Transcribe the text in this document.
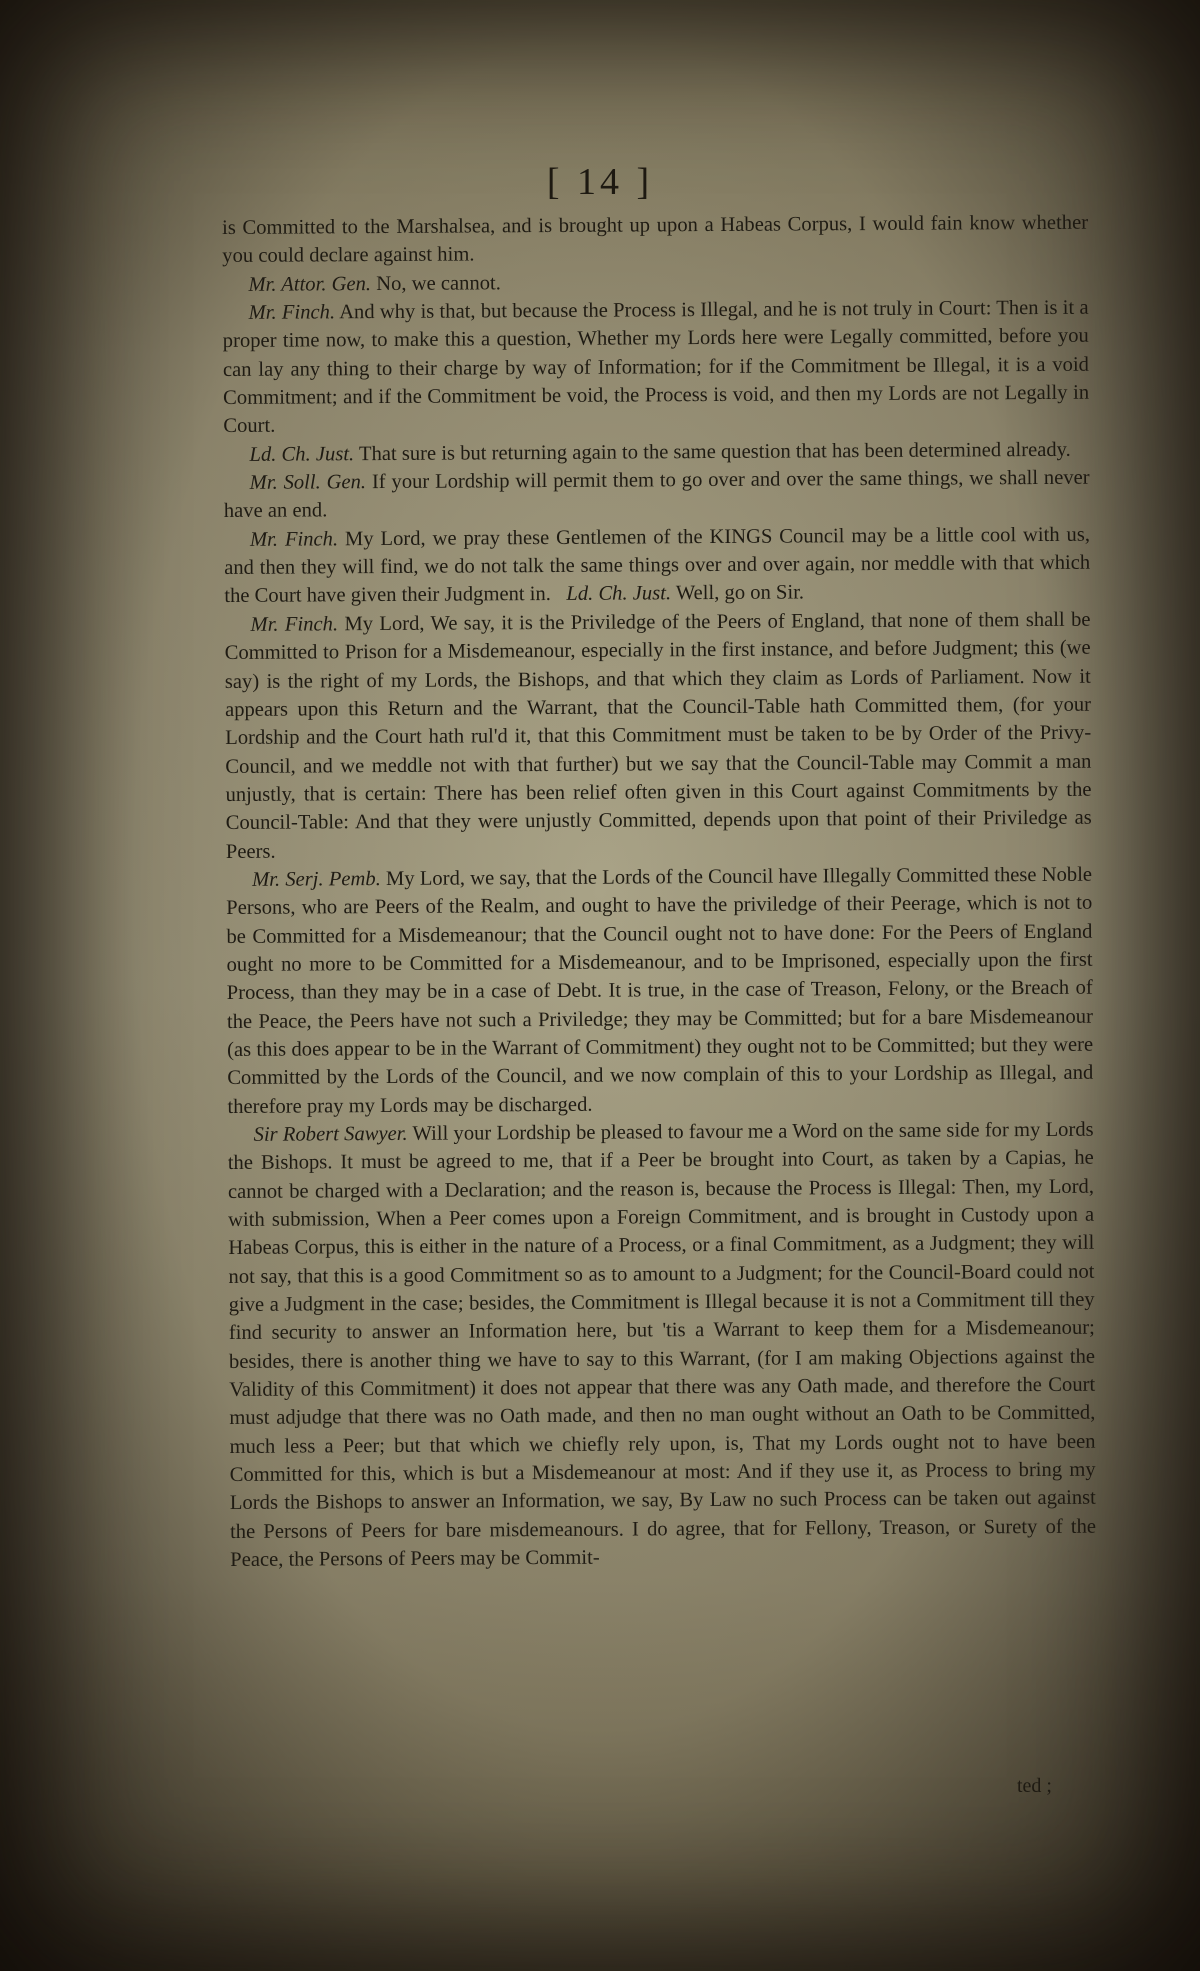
[ 14 ]

is Committed to the Marshalsea, and is brought up upon a Habeas Corpus, I would fain know whether you could declare against him.

Mr. Attor. Gen. No, we cannot.

Mr. Finch. And why is that, but because the Process is Illegal, and he is not truly in Court: Then is it a proper time now, to make this a question, Whether my Lords here were Legally committed, before you can lay any thing to their charge by way of Information; for if the Commitment be Illegal, it is a void Commitment; and if the Commitment be void, the Process is void, and then my Lords are not Legally in Court.

Ld. Ch. Just. That sure is but returning again to the same question that has been determined already.

Mr. Soll. Gen. If your Lordship will permit them to go over and over the same things, we shall never have an end.

Mr. Finch. My Lord, we pray these Gentlemen of the KINGS Council may be a little cool with us, and then they will find, we do not talk the same things over and over again, nor meddle with that which the Court have given their Judgment in. Ld. Ch. Just. Well, go on Sir.

Mr. Finch. My Lord, We say, it is the Priviledge of the Peers of England, that none of them shall be Committed to Prison for a Misdemeanour, especially in the first instance, and before Judgment; this (we say) is the right of my Lords, the Bishops, and that which they claim as Lords of Parliament. Now it appears upon this Return and the Warrant, that the Council-Table hath Committed them, (for your Lordship and the Court hath rul'd it, that this Commitment must be taken to be by Order of the Privy-Council, and we meddle not with that further) but we say that the Council-Table may Commit a man unjustly, that is certain: There has been relief often given in this Court against Commitments by the Council-Table: And that they were unjustly Committed, depends upon that point of their Priviledge as Peers.

Mr. Serj. Pemb. My Lord, we say, that the Lords of the Council have Illegally Committed these Noble Persons, who are Peers of the Realm, and ought to have the priviledge of their Peerage, which is not to be Committed for a Misdemeanour; that the Council ought not to have done: For the Peers of England ought no more to be Committed for a Misdemeanour, and to be Imprisoned, especially upon the first Process, than they may be in a case of Debt. It is true, in the case of Treason, Felony, or the Breach of the Peace, the Peers have not such a Priviledge; they may be Committed; but for a bare Misdemeanour (as this does appear to be in the Warrant of Commitment) they ought not to be Committed; but they were Committed by the Lords of the Council, and we now complain of this to your Lordship as Illegal, and therefore pray my Lords may be discharged.

Sir Robert Sawyer. Will your Lordship be pleased to favour me a Word on the same side for my Lords the Bishops. It must be agreed to me, that if a Peer be brought into Court, as taken by a Capias, he cannot be charged with a Declaration; and the reason is, because the Process is Illegal: Then, my Lord, with submission, When a Peer comes upon a Foreign Commitment, and is brought in Custody upon a Habeas Corpus, this is either in the nature of a Process, or a final Commitment, as a Judgment; they will not say, that this is a good Commitment so as to amount to a Judgment; for the Council-Board could not give a Judgment in the case; besides, the Commitment is Illegal because it is not a Commitment till they find security to answer an Information here, but 'tis a Warrant to keep them for a Misdemeanour; besides, there is another thing we have to say to this Warrant, (for I am making Objections against the Validity of this Commitment) it does not appear that there was any Oath made, and therefore the Court must adjudge that there was no Oath made, and then no man ought without an Oath to be Committed, much less a Peer; but that which we chiefly rely upon, is, That my Lords ought not to have been Committed for this, which is but a Misdemeanour at most: And if they use it, as Process to bring my Lords the Bishops to answer an Information, we say, By Law no such Process can be taken out against the Persons of Peers for bare misdemeanours. I do agree, that for Fellony, Treason, or Surety of the Peace, the Persons of Peers may be Commit-

ted ;
